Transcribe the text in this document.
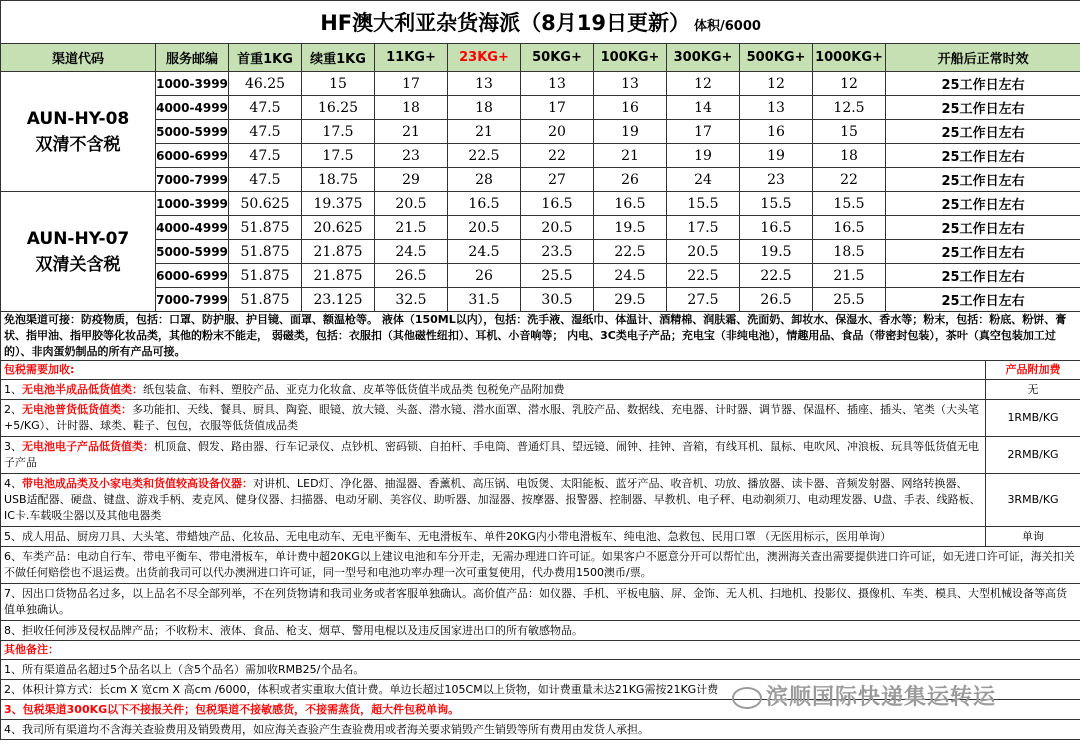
HF澳大利亚杂货海派（8月19日更新） 体积/6000											
渠道代码	服务邮编	首重1KG	续重1KG	11KG+	23KG+	50KG+	100KG+	300KG+	500KG+	1000KG+	开船后正常时效

AUN-HY-08
双清不含税	1000-3999	46.25	15	17	13	13	13	12	12	12	25工作日左右
	4000-4999	47.5	16.25	18	18	17	16	14	13	12.5	25工作日左右
	5000-5999	47.5	17.5	21	21	20	19	17	16	15	25工作日左右
	6000-6999	47.5	17.5	23	22.5	22	21	19	19	18	25工作日左右
	7000-7999	47.5	18.75	29	28	27	26	24	23	22	25工作日左右

AUN-HY-07
双清关含税	1000-3999	50.625	19.375	20.5	16.5	16.5	16.5	15.5	15.5	15.5	25工作日左右
	4000-4999	51.875	20.625	21.5	20.5	20.5	19.5	17.5	16.5	16.5	25工作日左右
	5000-5999	51.875	21.875	24.5	24.5	23.5	22.5	20.5	19.5	18.5	25工作日左右
	6000-6999	51.875	21.875	26.5	26	25.5	24.5	22.5	22.5	21.5	25工作日左右
	7000-7999	51.875	23.125	32.5	31.5	30.5	29.5	27.5	26.5	25.5	25工作日左右
免泡渠道可接：防疫物质，包括：口罩、防护服、护目镜、面罩、额温枪等。 液体（150ML以内），包括：洗手液、湿纸巾、体温计、酒精棉、润肤霜、洗面奶、卸妆水、保湿水、香水等；粉末，包括：粉底、粉饼、膏状、指甲油、指甲胶等化妆品类，其他的粉末不能走， 弱磁类，包括：衣服扣（其他磁性纽扣）、耳机、小音响等； 内电、3C类电子产品；充电宝（非纯电池），情趣用品、食品（带密封包装），茶叶（真空包装加工过的）、非肉蛋奶制品的所有产品可接。	
包税需要加收:	产品附加费
1、无电池半成品低货值类：纸包装盒、布料、塑胶产品、亚克力化妆盒、皮革等低货值半成品类 包税免产品附加费	无
2、无电池普货低货值类：多功能扣、天线、餐具、厨具、陶瓷、眼镜、放大镜、头盔、潜水镜、潜水面罩、潜水服、乳胶产品、数据线、充电器、计时器、调节器、保温杯、插座、插头、笔类（大头笔+5/KG）、计时器、球类、鞋子、包包，衣服等低货值成品类	1RMB/KG
3、无电池电子产品低货值类：机顶盒、假发、路由器、行车记录仪、点钞机、密码锁、自拍杆、手电筒、普通灯具、望远镜、闹钟、挂钟、音箱，有线耳机、鼠标、电吹风、冲浪板、玩具等低货值无电子产品	2RMB/KG
4、带电池成品类及小家电类和货值较高设备仪器：对讲机、LED灯、净化器、抽湿器、香薰机、高压锅、电饭煲、太阳能板、蓝牙产品、收音机、功放、播放器、读卡器、音频发射器、网络转换器、USB适配器、硬盘、键盘、游戏手柄、麦克风、健身仪器、扫描器、电动牙刷、美容仪、助听器、加湿器、按摩器、报警器、控制器、早教机、电子秤、电动剃须刀、电动理发器、U盘、手表、线路板、IC卡.车载吸尘器以及其他电器类	3RMB/KG
5、成人用品、厨房刀具、大头笔、带蜡烛产品、化妆品、无电电动车、无电平衡车、无电滑板车、单件20KG内小带电滑板车、纯电池、急救包、民用口罩 （无医用标示，医用单询）	单询
6、车类产品：电动自行车、带电平衡车、带电滑板车，单计费中超20KG以上建议电池和车分开走，无需办理进口许可证。如果客户不愿意分开可以帮忙出，澳洲海关查出需要提供进口许可证，如无进口许可证，海关扣关不做任何赔偿也不退运费。出货前我司可以代办澳洲进口许可证，同一型号和电池功率办理一次可重复使用，代办费用1500澳币/票。	
7、因出口货物品名过多，以上品名不尽全部列举，不在列货物请和我司业务或者客服单独确认。高价值产品：如仪器、手机、平板电脑、屏、金饰、无人机、扫地机、投影仪、摄像机、车类、模具、大型机械设备等高货值单独确认。	
8、拒收任何涉及侵权品牌产品；不收粉末、液体、食品、枪支、烟草、警用电棍以及违反国家进出口的所有敏感物品。	
其他备注：	
1、所有渠道品名超过5个品名以上（含5个品名）需加收RMB25/个品名。	
2、体积计算方式：长cm X 宽cm X 高cm /6000，体积或者实重取大值计费。单边长超过105CM以上货物，如计费重量未达21KG需按21KG计费	
3、包税渠道300KG以下不接报关件；包税渠道不接敏感货，不接需蒸货，超大件包税单询。	
4、我司所有渠道均不含海关查验费用及销毁费用，如应海关查验产生查验费用或者海关要求销毁产生销毁等所有费用由发货人承担。	
滨顺国际快递集运转运
